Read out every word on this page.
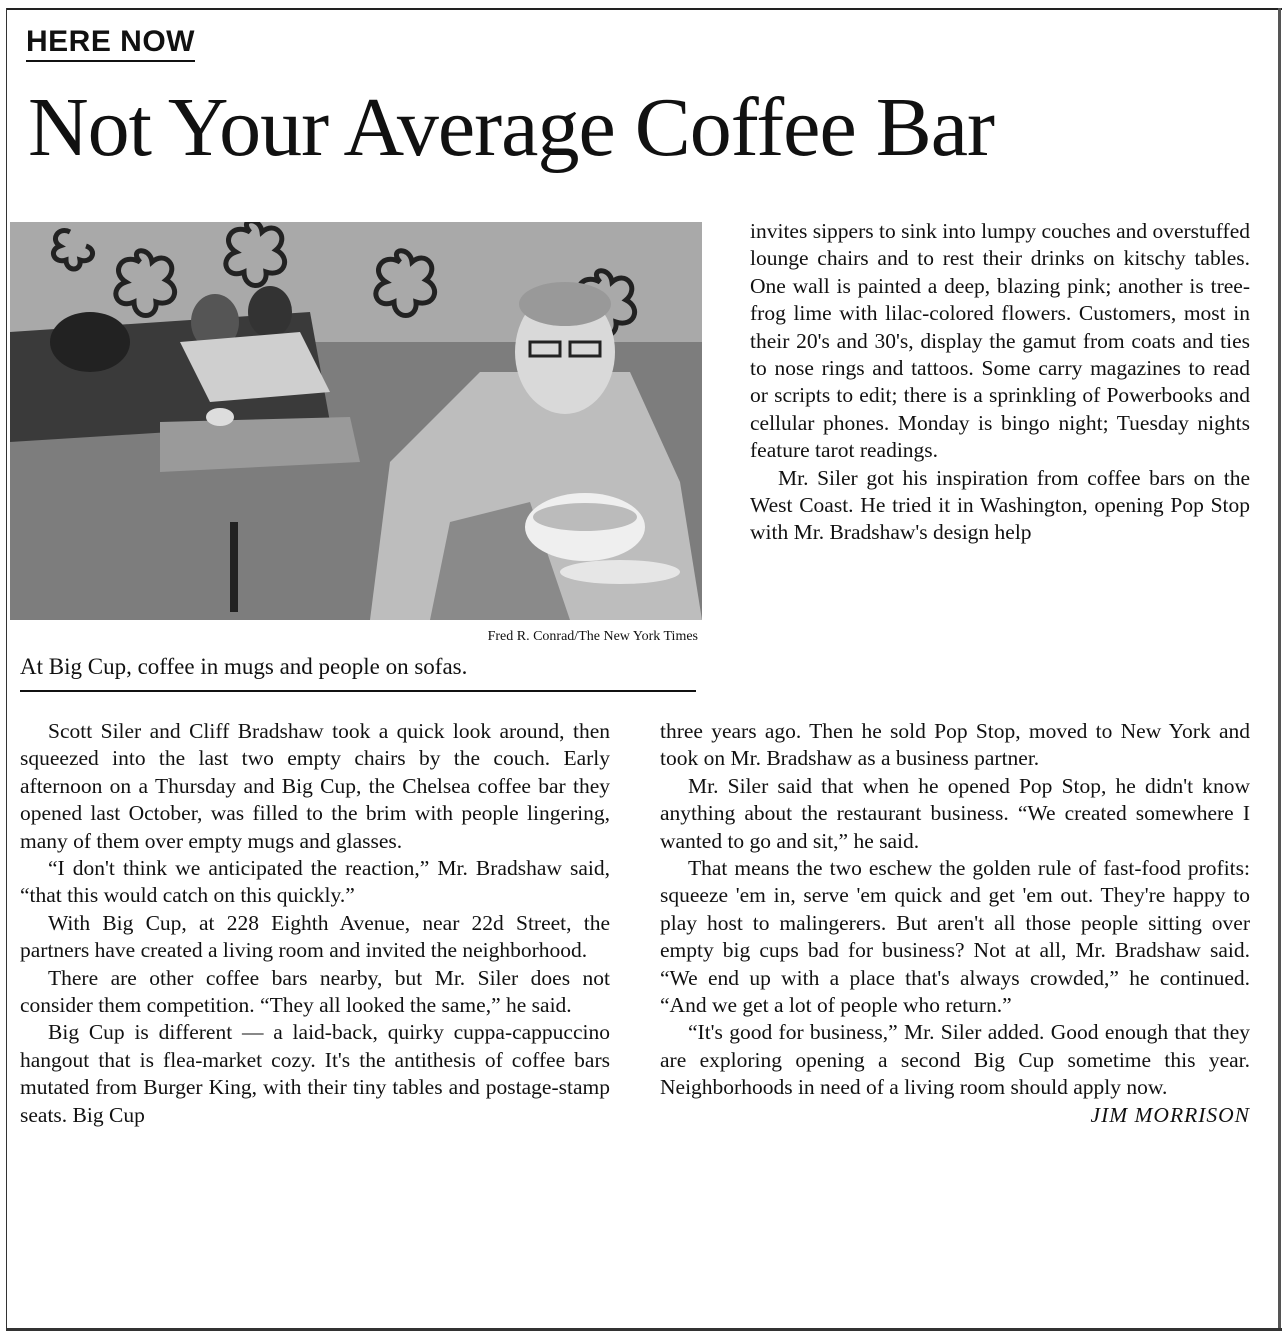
HERE NOW
Not Your Average Coffee Bar

Fred R. Conrad/The New York Times

At Big Cup, coffee in mugs and people on sofas.

invites sippers to sink into lumpy couches and overstuffed lounge chairs and to rest their drinks on kitschy tables. One wall is painted a deep, blazing pink; another is tree-frog lime with lilac-colored flowers. Customers, most in their 20's and 30's, display the gamut from coats and ties to nose rings and tattoos. Some carry magazines to read or scripts to edit; there is a sprinkling of Powerbooks and cellular phones. Monday is bingo night; Tuesday nights feature tarot readings.

Mr. Siler got his inspiration from coffee bars on the West Coast. He tried it in Washington, opening Pop Stop with Mr. Bradshaw's design help

Scott Siler and Cliff Bradshaw took a quick look around, then squeezed into the last two empty chairs by the couch. Early afternoon on a Thursday and Big Cup, the Chelsea coffee bar they opened last October, was filled to the brim with people lingering, many of them over empty mugs and glasses.

“I don't think we anticipated the reaction,” Mr. Bradshaw said, “that this would catch on this quickly.”

With Big Cup, at 228 Eighth Avenue, near 22d Street, the partners have created a living room and invited the neighborhood.

There are other coffee bars nearby, but Mr. Siler does not consider them competition. “They all looked the same,” he said.

Big Cup is different — a laid-back, quirky cuppa-cappuccino hangout that is flea-market cozy. It's the antithesis of coffee bars mutated from Burger King, with their tiny tables and postage-stamp seats. Big Cup

three years ago. Then he sold Pop Stop, moved to New York and took on Mr. Bradshaw as a business partner.

Mr. Siler said that when he opened Pop Stop, he didn't know anything about the restaurant business. “We created somewhere I wanted to go and sit,” he said.

That means the two eschew the golden rule of fast-food profits: squeeze 'em in, serve 'em quick and get 'em out. They're happy to play host to malingerers. But aren't all those people sitting over empty big cups bad for business? Not at all, Mr. Bradshaw said. “We end up with a place that's always crowded,” he continued. “And we get a lot of people who return.”

“It's good for business,” Mr. Siler added. Good enough that they are exploring opening a second Big Cup sometime this year. Neighborhoods in need of a living room should apply now.

JIM MORRISON
